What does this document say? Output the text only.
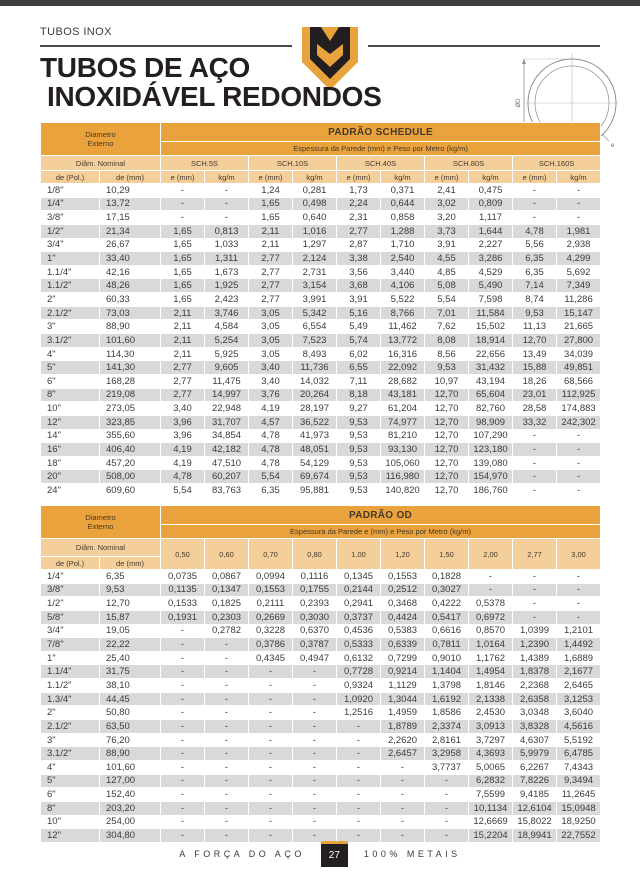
TUBOS INOX
TUBOS DE AÇO
INOXIDÁVEL REDONDOS	ØD
e
Diametro
Externo		PADRÃO SCHEDULE									
		Espessura da Parede (mm) e Peso por Metro (kg/m)									
Diâm. Nominal		SCH.5S		SCH.10S		SCH.40S		SCH.80S		SCH.160S	
de (Pol.)	de (mm)	e (mm)	kg/m	e (mm)	kg/m	e (mm)	kg/m	e (mm)	kg/m	e (mm)	kg/m
1/8"	10,29	-	-	1,24	0,281	1,73	0,371	2,41	0,475	-	-
1/4"	13,72	-	-	1,65	0,498	2,24	0,644	3,02	0,809	-	-
3/8"	17,15	-	-	1,65	0,640	2,31	0,858	3,20	1,117	-	-
1/2"	21,34	1,65	0,813	2,11	1,016	2,77	1,288	3,73	1,644	4,78	1,981
3/4"	26,67	1,65	1,033	2,11	1,297	2,87	1,710	3,91	2,227	5,56	2,938
1"	33,40	1,65	1,311	2,77	2,124	3,38	2,540	4,55	3,286	6,35	4,299
1.1/4"	42,16	1,65	1,673	2,77	2,731	3,56	3,440	4,85	4,529	6,35	5,692
1.1/2"	48,26	1,65	1,925	2,77	3,154	3,68	4,106	5,08	5,490	7,14	7,349
2"	60,33	1,65	2,423	2,77	3,991	3,91	5,522	5,54	7,598	8,74	11,286
2.1/2"	73,03	2,11	3,746	3,05	5,342	5,16	8,766	7,01	11,584	9,53	15,147
3"	88,90	2,11	4,584	3,05	6,554	5,49	11,462	7,62	15,502	11,13	21,665
3.1/2"	101,60	2,11	5,254	3,05	7,523	5,74	13,772	8,08	18,914	12,70	27,800
4"	114,30	2,11	5,925	3,05	8,493	6,02	16,316	8,56	22,656	13,49	34,039
5"	141,30	2,77	9,605	3,40	11,736	6,55	22,092	9,53	31,432	15,88	49,851
6"	168,28	2,77	11,475	3,40	14,032	7,11	28,682	10,97	43,194	18,26	68,566
8"	219,08	2,77	14,997	3,76	20,264	8,18	43,181	12,70	65,604	23,01	112,925
10"	273,05	3,40	22,948	4,19	28,197	9,27	61,204	12,70	82,760	28,58	174,883
12"	323,85	3,96	31,707	4,57	36,522	9,53	74,977	12,70	98,909	33,32	242,302
14"	355,60	3,96	34,854	4,78	41,973	9,53	81,210	12,70	107,290	-	-
16"	406,40	4,19	42,182	4,78	48,051	9,53	93,130	12,70	123,180	-	-
18"	457,20	4,19	47,510	4,78	54,129	9,53	105,060	12,70	139,080	-	-
20"	508,00	4,78	60,207	5,54	69,674	9,53	116,980	12,70	154,970	-	-
24"	609,60	5,54	83,763	6,35	95,881	9,53	140,820	12,70	186,760	-	-
Diametro
Externo		PADRÃO OD									
		Espessura da Parede e (mm) e Peso por Metro (kg/m)									
Diâm. Nominal		0,50	0,60	0,70	0,80	1,00	1,20	1,50	2,00	2,77	3,00
de (Pol.)	de (mm)										
1/4"	6,35	0,0735	0,0867	0,0994	0,1116	0,1345	0,1553	0,1828	-	-	-
3/8"	9,53	0,1135	0,1347	0,1553	0,1755	0,2144	0,2512	0,3027	-	-	-
1/2"	12,70	0,1533	0,1825	0,2111	0,2393	0,2941	0,3468	0,4222	0,5378	-	-
5/8"	15,87	0,1931	0,2303	0,2669	0,3030	0,3737	0,4424	0,5417	0,6972	-	-
3/4"	19,05	-	0,2782	0,3228	0,6370	0,4536	0,5383	0,6616	0,8570	1,0399	1,2101
7/8"	22,22	-	-	0,3786	0,3787	0,5333	0,6339	0,7811	1,0164	1,2390	1,4492
1"	25,40	-	-	0,4345	0,4947	0,6132	0,7299	0,9010	1,1762	1,4389	1,6889
1.1/4"	31,75	-	-	-	-	0,7728	0,9214	1,1404	1,4954	1,8378	2,1677
1.1/2"	38,10	-	-	-	-	0,9324	1,1129	1,3798	1,8146	2,2368	2,6465
1.3/4"	44,45	-	-	-	-	1,0920	1,3044	1,6192	2,1338	2,6358	3,1253
2"	50,80	-	-	-	-	1,2516	1,4959	1,8586	2,4530	3,0348	3,6040
2.1/2"	63,50	-	-	-	-	-	1,8789	2,3374	3,0913	3,8328	4,5616
3"	76,20	-	-	-	-	-	2,2620	2,8161	3,7297	4,6307	5,5192
3.1/2"	88,90	-	-	-	-	-	2,6457	3,2958	4,3693	5,9979	6,4785
4"	101,60	-	-	-	-	-	-	3,7737	5,0065	6,2267	7,4343
5"	127,00	-	-	-	-	-	-	-	6,2832	7,8226	9,3494
6"	152,40	-	-	-	-	-	-	-	7,5599	9,4185	11,2645
8"	203,20	-	-	-	-	-	-	-	10,1134	12,6104	15,0948
10"	254,00	-	-	-	-	-	-	-	12,6669	15,8022	18,9250
12"	304,80	-	-	-	-	-	-	-	15,2204	18,9941	22,7552
A FORÇA DO AÇO	27	100% METAIS
